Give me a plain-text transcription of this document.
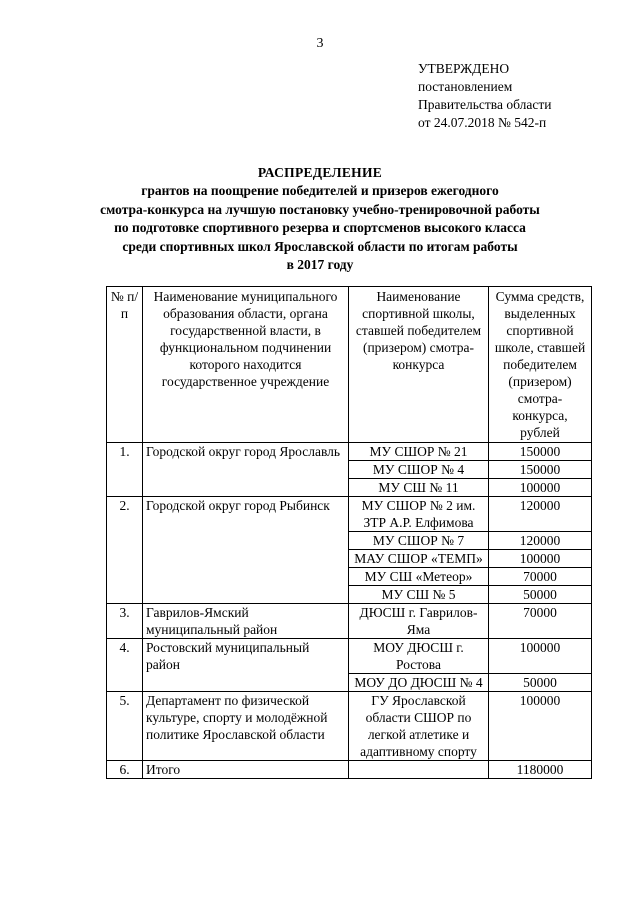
3
УТВЕРЖДЕНО
постановлением
Правительства области
от 24.07.2018 № 542-п
РАСПРЕДЕЛЕНИЕ
грантов на поощрение победителей и призеров ежегодного
смотра-конкурса на лучшую постановку учебно-тренировочной работы
по подготовке спортивного резерва и спортсменов высокого класса
среди спортивных школ Ярославской области по итогам работы
в 2017 году
№ п/п	Наименование муниципального образования области, органа государственной власти, в функциональном подчинении которого находится государственное учреждение	Наименование спортивной школы, ставшей победителем (призером) смотра-конкурса	Сумма средств, выделенных спортивной школе, ставшей победителем (призером) смотра-конкурса, рублей
1.	Городской округ город Ярославль	МУ СШОР № 21	150000
		МУ СШОР № 4	150000
		МУ СШ № 11	100000
2.	Городской округ город Рыбинск	МУ СШОР № 2 им. ЗТР А.Р. Елфимова	120000
		МУ СШОР № 7	120000
		МАУ СШОР «ТЕМП»	100000
		МУ СШ «Метеор»	70000
		МУ СШ № 5	50000
3.	Гаврилов-Ямский муниципальный район	ДЮСШ г. Гаврилов-Яма	70000
4.	Ростовский муниципальный район	МОУ ДЮСШ г. Ростова	100000
		МОУ ДО ДЮСШ № 4	50000
5.	Департамент по физической культуре, спорту и молодёжной политике Ярославской области	ГУ Ярославской области СШОР по легкой атлетике и адаптивному спорту	100000
6.	Итого		1180000
